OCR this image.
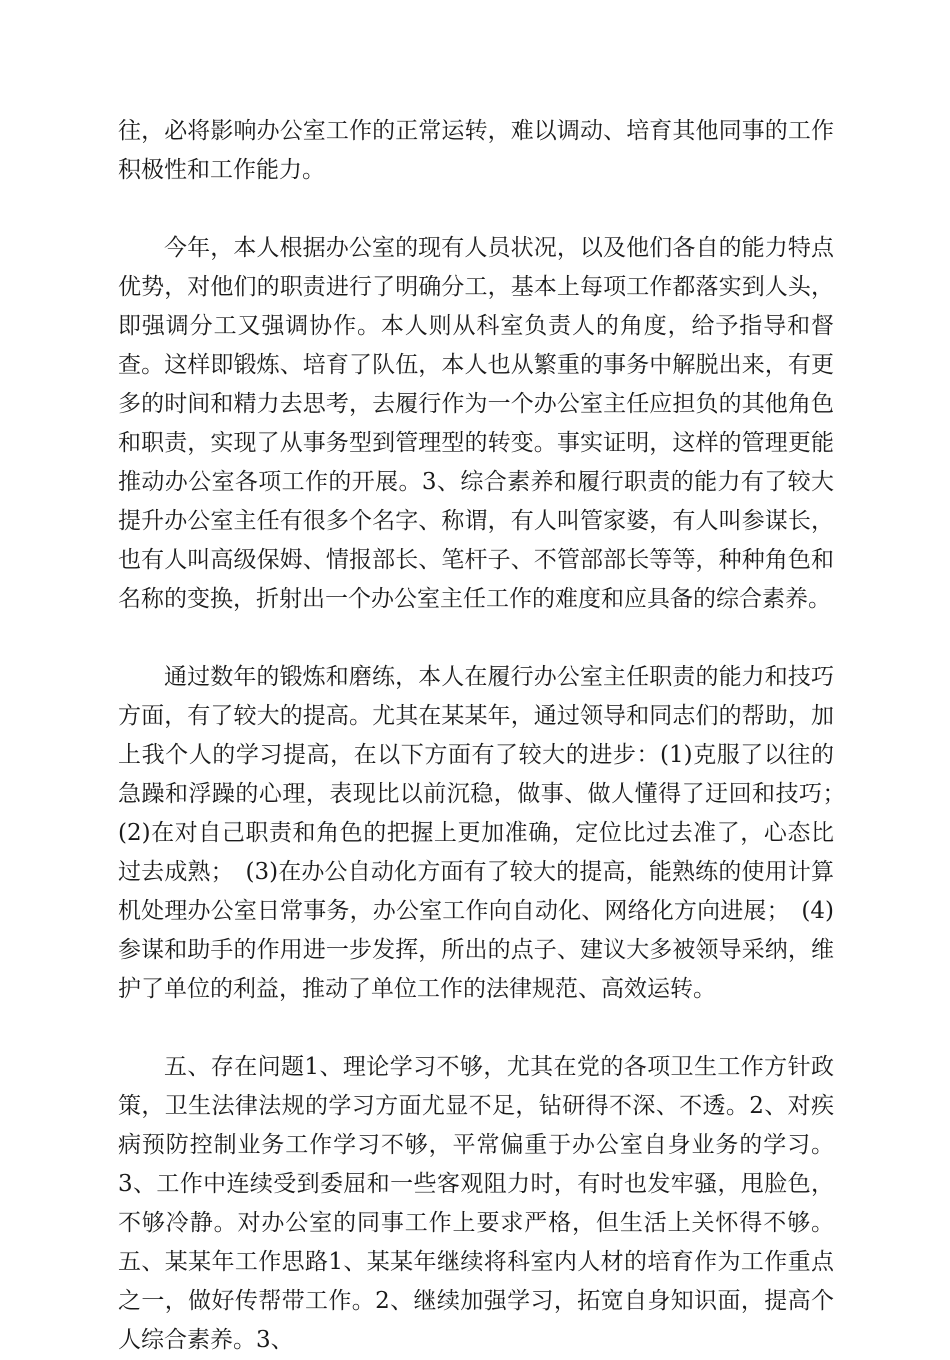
往，必将影响办公室工作的正常运转，难以调动、培育其他同事的工作积极性和工作能力。

今年，本人根据办公室的现有人员状况，以及他们各自的能力特点优势，对他们的职责进行了明确分工，基本上每项工作都落实到人头，即强调分工又强调协作。本人则从科室负责人的角度，给予指导和督查。这样即锻炼、培育了队伍，本人也从繁重的事务中解脱出来，有更多的时间和精力去思考，去履行作为一个办公室主任应担负的其他角色和职责，实现了从事务型到管理型的转变。事实证明，这样的管理更能推动办公室各项工作的开展。3、综合素养和履行职责的能力有了较大提升办公室主任有很多个名字、称谓，有人叫管家婆，有人叫参谋长，也有人叫高级保姆、情报部长、笔杆子、不管部部长等等，种种角色和名称的变换，折射出一个办公室主任工作的难度和应具备的综合素养。

通过数年的锻炼和磨练，本人在履行办公室主任职责的能力和技巧方面，有了较大的提高。尤其在某某年，通过领导和同志们的帮助，加上我个人的学习提高，在以下方面有了较大的进步：(1)克服了以往的急躁和浮躁的心理，表现比以前沉稳，做事、做人懂得了迂回和技巧；　(2)在对自己职责和角色的把握上更加准确，定位比过去准了，心态比过去成熟；　(3)在办公自动化方面有了较大的提高，能熟练的使用计算机处理办公室日常事务，办公室工作向自动化、网络化方向进展；　(4)参谋和助手的作用进一步发挥，所出的点子、建议大多被领导采纳，维护了单位的利益，推动了单位工作的法律规范、高效运转。

五、存在问题1、理论学习不够，尤其在党的各项卫生工作方针政策，卫生法律法规的学习方面尤显不足，钻研得不深、不透。2、对疾病预防控制业务工作学习不够，平常偏重于办公室自身业务的学习。3、工作中连续受到委屈和一些客观阻力时，有时也发牢骚，甩脸色，不够冷静。对办公室的同事工作上要求严格，但生活上关怀得不够。五、某某年工作思路1、某某年继续将科室内人材的培育作为工作重点之一，做好传帮带工作。2、继续加强学习，拓宽自身知识面，提高个人综合素养。3、
